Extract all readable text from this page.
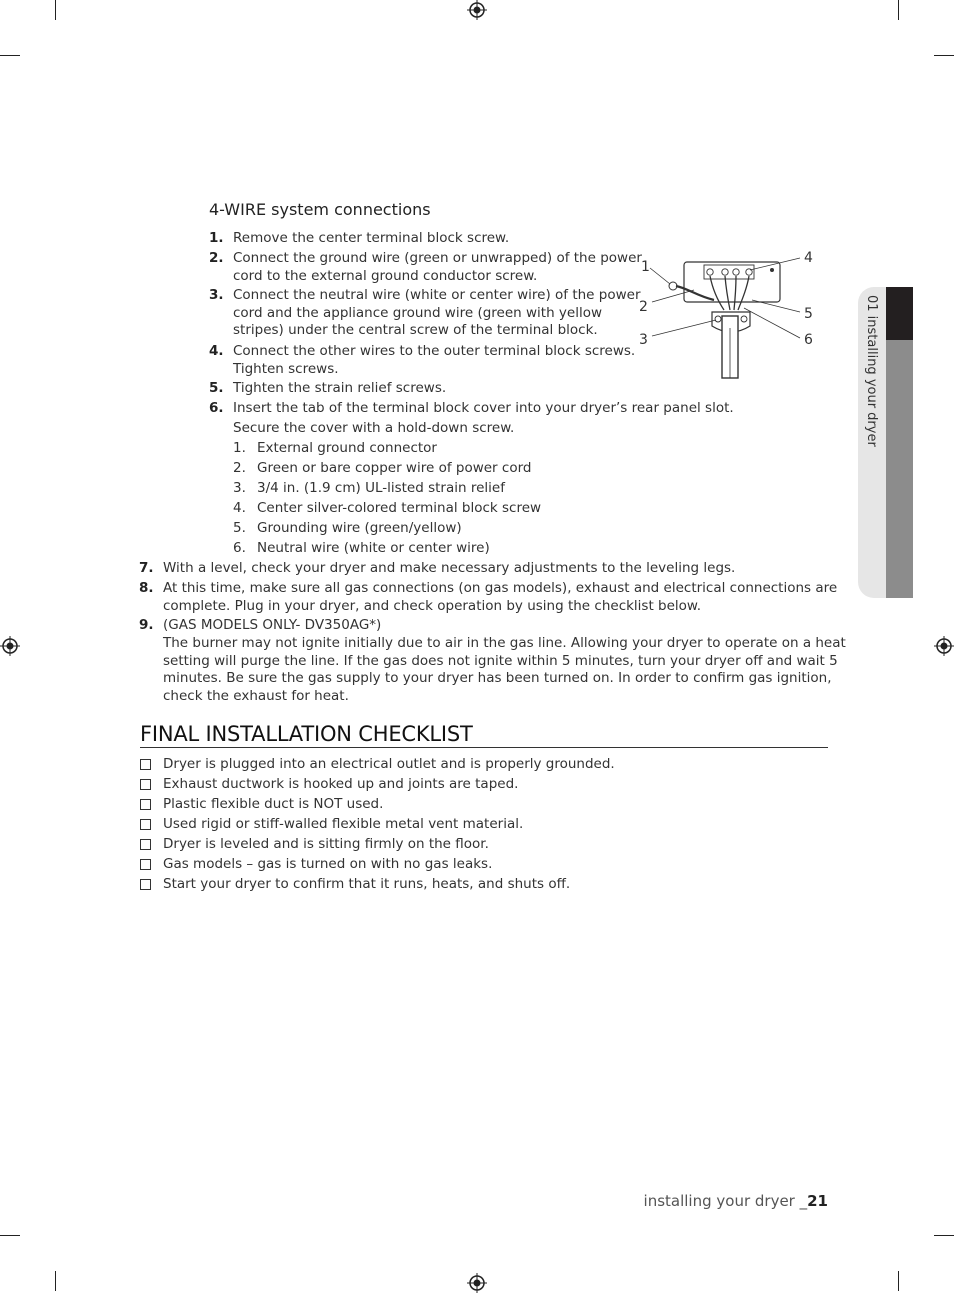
01 installing your dryer
4-WIRE system connections
1. Remove the center terminal block screw.
2. Connect the ground wire (green or unwrapped) of the power
cord to the external ground conductor screw.
3. Connect the neutral wire (white or center wire) of the power
cord and the appliance ground wire (green with yellow
stripes) under the central screw of the terminal block.
4. Connect the other wires to the outer terminal block screws.
Tighten screws.
5. Tighten the strain relief screws.
6. Insert the tab of the terminal block cover into your dryer’s rear panel slot.
Secure the cover with a hold-down screw.
1. External ground connector
2. Green or bare copper wire of power cord
3. 3/4 in. (1.9 cm) UL-listed strain relief
4. Center silver-colored terminal block screw
5. Grounding wire (green/yellow)
6. Neutral wire (white or center wire)
7. With a level, check your dryer and make necessary adjustments to the leveling legs.
8. At this time, make sure all gas connections (on gas models), exhaust and electrical connections are
complete. Plug in your dryer, and check operation by using the checklist below.
9. (GAS MODELS ONLY- DV350AG*)
The burner may not ignite initially due to air in the gas line. Allowing your dryer to operate on a heat
setting will purge the line. If the gas does not ignite within 5 minutes, turn your dryer off and wait 5
minutes. Be sure the gas supply to your dryer has been turned on. In order to confirm gas ignition,
check the exhaust for heat.
1
2
3
4
5
6
FINAL INSTALLATION CHECKLIST
Dryer is plugged into an electrical outlet and is properly grounded.
Exhaust ductwork is hooked up and joints are taped.
Plastic flexible duct is NOT used.
Used rigid or stiff-walled flexible metal vent material.
Dryer is leveled and is sitting firmly on the floor.
Gas models – gas is turned on with no gas leaks.
Start your dryer to confirm that it runs, heats, and shuts off.
installing your dryer _21
